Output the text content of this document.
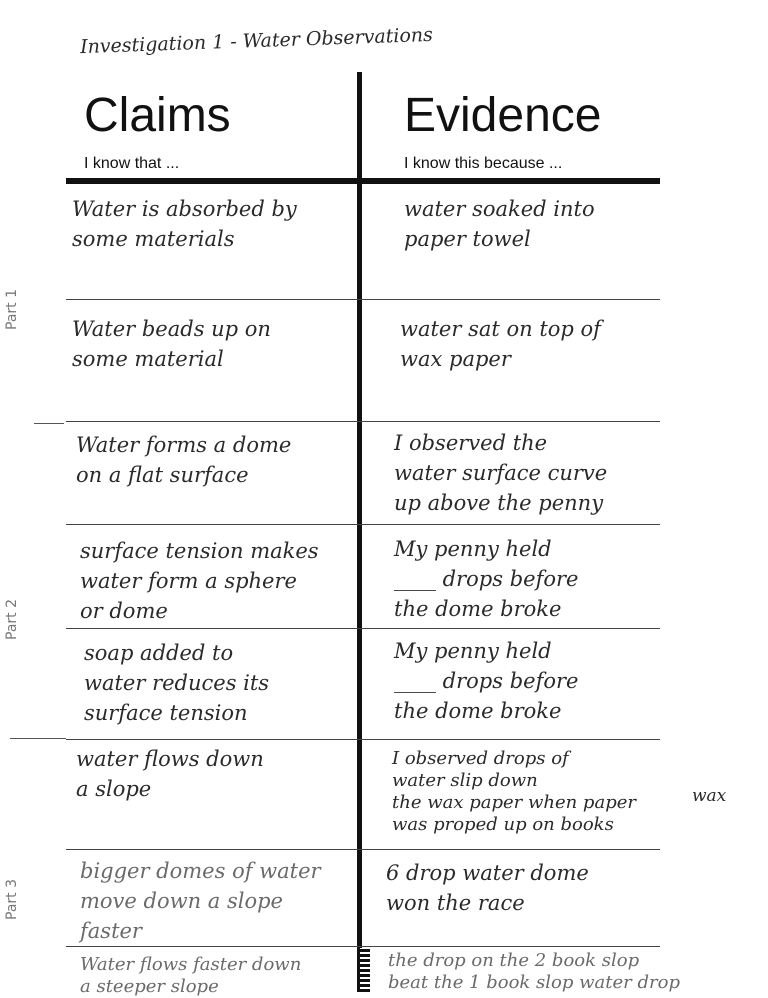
Investigation 1 - Water Observations
Claims
I know that ...
Evidence
I know this because ...
Part 1
Part 2
Part 3
Water is absorbed by
some materials
water soaked into
paper towel
Water beads up on
some material
water sat on top of
wax paper
Water forms a dome
on a flat surface
I observed the
water surface curve
up above the penny
surface tension makes
water form a sphere
or dome
My penny held
____ drops before
the dome broke
soap added to
water reduces its
surface tension
My penny held
____ drops before
the dome broke
water flows down
a slope
I observed drops of
water slip down
the wax paper when paper
was proped up on books
wax
bigger domes of water
move down a slope
faster
6 drop water dome
won the race
Water flows faster down
a steeper slope
the drop on the 2 book slop
beat the 1 book slop water drop
